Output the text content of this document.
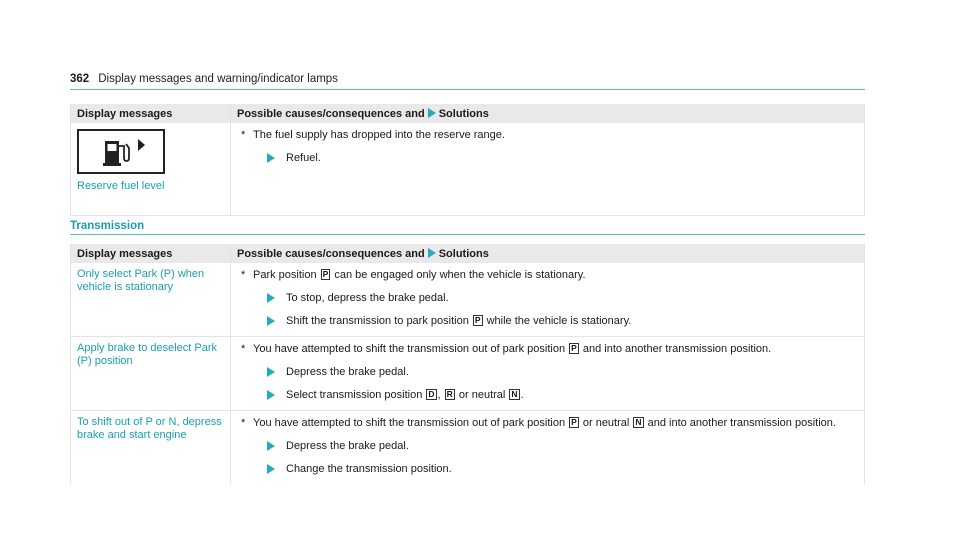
362 Display messages and warning/indicator lamps
Display messages	Possible causes/consequences and Solutions

Reserve fuel level	* The fuel supply has dropped into the reserve range.
Refuel.
Transmission
Display messages	Possible causes/consequences and Solutions
Only select Park (P) when vehicle is stationary	* Park position P can be engaged only when the vehicle is stationary.
To stop, depress the brake pedal.
Shift the transmission to park position P while the vehicle is stationary.

Apply brake to deselect Park (P) position	* You have attempted to shift the transmission out of park position P and into another transmission position.
Depress the brake pedal.
Select transmission position D , R or neutral N .

To shift out of P or N, depress brake and start engine	* You have attempted to shift the transmission out of park position P or neutral N and into another transmission position.
Depress the brake pedal.
Change the transmission position.
